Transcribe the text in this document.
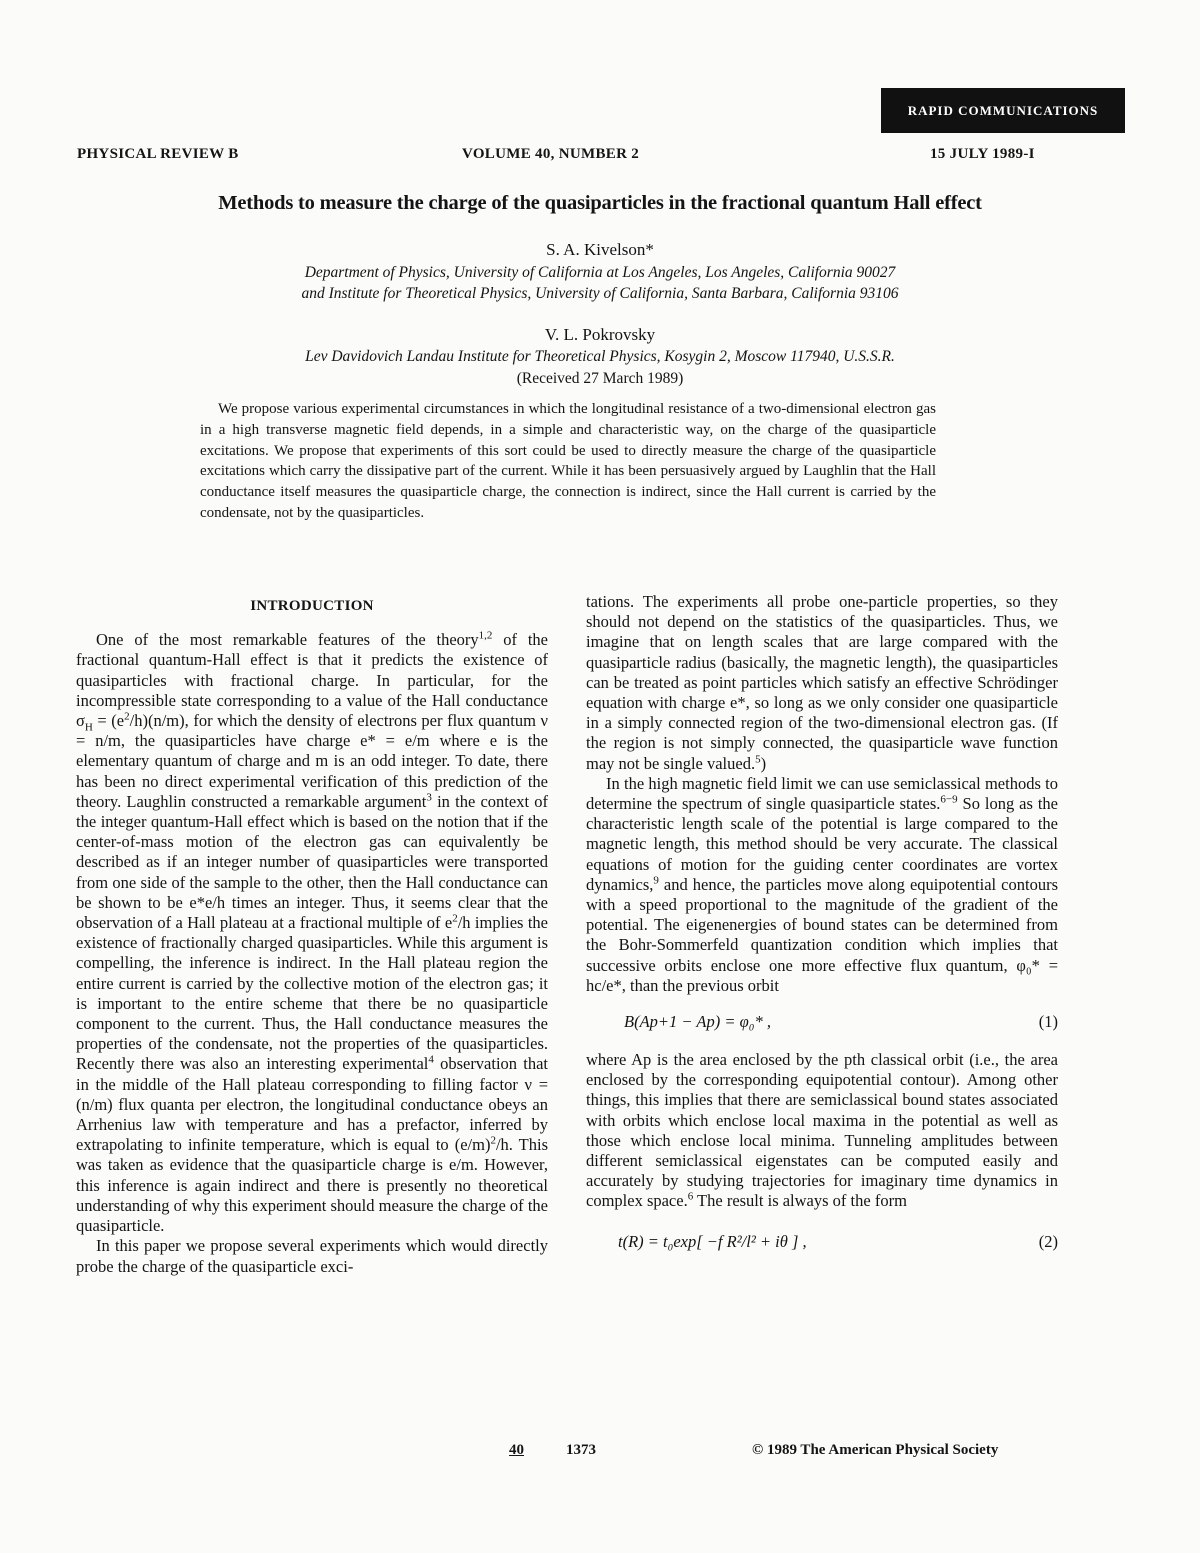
RAPID COMMUNICATIONS
PHYSICAL REVIEW B	VOLUME 40, NUMBER 2	15 JULY 1989-I
Methods to measure the charge of the quasiparticles in the fractional quantum Hall effect
S. A. Kivelson*
Department of Physics, University of California at Los Angeles, Los Angeles, California 90027
and Institute for Theoretical Physics, University of California, Santa Barbara, California 93106
V. L. Pokrovsky
Lev Davidovich Landau Institute for Theoretical Physics, Kosygin 2, Moscow 117940, U.S.S.R.
(Received 27 March 1989)
We propose various experimental circumstances in which the longitudinal resistance of a two-dimensional electron gas in a high transverse magnetic field depends, in a simple and characteristic way, on the charge of the quasiparticle excitations. We propose that experiments of this sort could be used to directly measure the charge of the quasiparticle excitations which carry the dissipative part of the current. While it has been persuasively argued by Laughlin that the Hall conductance itself measures the quasiparticle charge, the connection is indirect, since the Hall current is carried by the condensate, not by the quasiparticles.
INTRODUCTION

One of the most remarkable features of the theory$^{1,2}$ of the fractional quantum-Hall effect is that it predicts the existence of quasiparticles with fractional charge. In particular, for the incompressible state corresponding to a value of the Hall conductance $\sigma_H = (e^2/h)(n/m)$, for which the density of electrons per flux quantum ν = n/m, the quasiparticles have charge e* = e/m where e is the elementary quantum of charge and m is an odd integer. To date, there has been no direct experimental verification of this prediction of the theory. Laughlin constructed a remarkable argument$^3$ in the context of the integer quantum-Hall effect which is based on the notion that if the center-of-mass motion of the electron gas can equivalently be described as if an integer number of quasiparticles were transported from one side of the sample to the other, then the Hall conductance can be shown to be e*e/h times an integer. Thus, it seems clear that the observation of a Hall plateau at a fractional multiple of $e^2/h$ implies the existence of fractionally charged quasiparticles. While this argument is compelling, the inference is indirect. In the Hall plateau region the entire current is carried by the collective motion of the electron gas; it is important to the entire scheme that there be no quasiparticle component to the current. Thus, the Hall conductance measures the properties of the condensate, not the properties of the quasiparticles. Recently there was also an interesting experimental$^4$ observation that in the middle of the Hall plateau corresponding to filling factor ν = (n/m) flux quanta per electron, the longitudinal conductance obeys an Arrhenius law with temperature and has a prefactor, inferred by extrapolating to infinite temperature, which is equal to $(e/m)^2/h$. This was taken as evidence that the quasiparticle charge is e/m. However, this inference is again indirect and there is presently no theoretical understanding of why this experiment should measure the charge of the quasiparticle.

In this paper we propose several experiments which would directly probe the charge of the quasiparticle exci-

tations. The experiments all probe one-particle properties, so they should not depend on the statistics of the quasiparticles. Thus, we imagine that on length scales that are large compared with the quasiparticle radius (basically, the magnetic length), the quasiparticles can be treated as point particles which satisfy an effective Schrödinger equation with charge e*, so long as we only consider one quasiparticle in a simply connected region of the two-dimensional electron gas. (If the region is not simply connected, the quasiparticle wave function may not be single valued.$^5$)

In the high magnetic field limit we can use semiclassical methods to determine the spectrum of single quasiparticle states.$^{6-9}$ So long as the characteristic length scale of the potential is large compared to the magnetic length, this method should be very accurate. The classical equations of motion for the guiding center coordinates are vortex dynamics,$^9$ and hence, the particles move along equipotential contours with a speed proportional to the magnitude of the gradient of the potential. The eigenenergies of bound states can be determined from the Bohr-Sommerfeld quantization condition which implies that successive orbits enclose one more effective flux quantum, φ₀* = hc/e*, than the previous orbit

B(Ap+1 − Ap) = φ₀* ,	(1)

where Ap is the area enclosed by the pth classical orbit (i.e., the area enclosed by the corresponding equipotential contour). Among other things, this implies that there are semiclassical bound states associated with orbits which enclose local maxima in the potential as well as those which enclose local minima. Tunneling amplitudes between different semiclassical eigenstates can be computed easily and accurately by studying trajectories for imaginary time dynamics in complex space.$^6$ The result is always of the form

t(R) = t₀exp[ −f R²/l² + iθ ] ,	(2)
40	1373	© 1989 The American Physical Society
